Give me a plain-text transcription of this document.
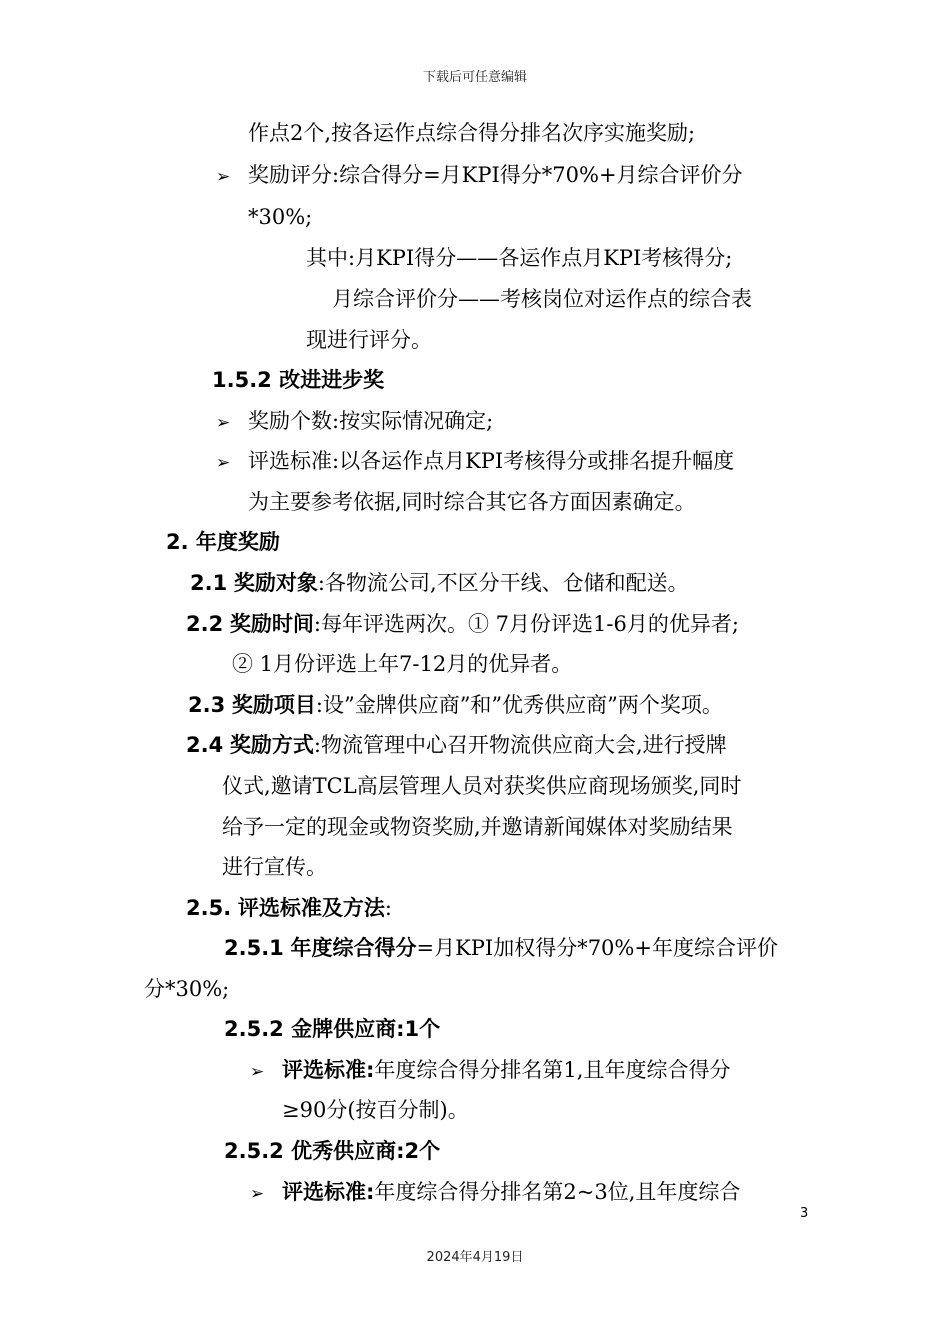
下载后可任意编辑
作点2个,按各运作点综合得分排名次序实施奖励;
➢ 奖励评分:综合得分=月KPI得分*70%+月综合评价分
*30%;
其中:月KPI得分——各运作点月KPI考核得分;
月综合评价分——考核岗位对运作点的综合表
现进行评分。
1.5.2 改进进步奖
➢ 奖励个数:按实际情况确定;
➢ 评选标准:以各运作点月KPI考核得分或排名提升幅度
为主要参考依据,同时综合其它各方面因素确定。
2. 年度奖励
2.1 奖励对象:各物流公司,不区分干线、仓储和配送。
2.2 奖励时间:每年评选两次。① 7月份评选1-6月的优异者;
② 1月份评选上年7-12月的优异者。
2.3 奖励项目:设”金牌供应商”和”优秀供应商”两个奖项。
2.4 奖励方式:物流管理中心召开物流供应商大会,进行授牌
仪式,邀请TCL高层管理人员对获奖供应商现场颁奖,同时
给予一定的现金或物资奖励,并邀请新闻媒体对奖励结果
进行宣传。
2.5. 评选标准及方法:
2.5.1 年度综合得分=月KPI加权得分*70%+年度综合评价
分*30%;
2.5.2 金牌供应商:1个
➢ 评选标准:年度综合得分排名第1,且年度综合得分
≥90分(按百分制)。
2.5.2 优秀供应商:2个
➢ 评选标准:年度综合得分排名第2~3位,且年度综合
3
2024年4月19日
